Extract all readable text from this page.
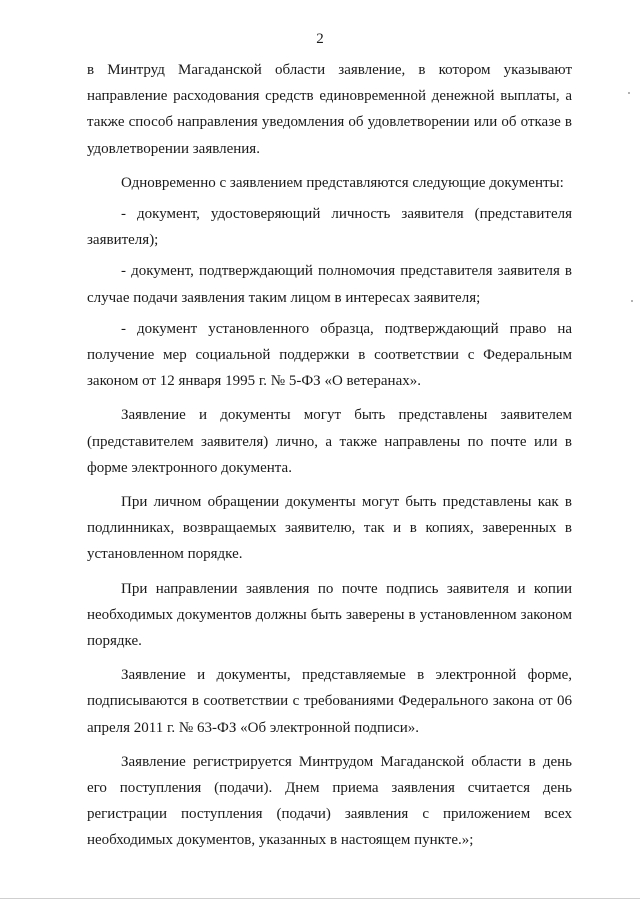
2

в Минтруд Магаданской области заявление, в котором указывают направление расходования средств единовременной денежной выплаты, а также способ направления уведомления об удовлетворении или об отказе в удовлетворении заявления.

Одновременно с заявлением представляются следующие документы:

- документ, удостоверяющий личность заявителя (представителя заявителя);

- документ, подтверждающий полномочия представителя заявителя в случае подачи заявления таким лицом в интересах заявителя;

- документ установленного образца, подтверждающий право на получение мер социальной поддержки в соответствии с Федеральным законом от 12 января 1995 г. № 5-ФЗ «О ветеранах».

Заявление и документы могут быть представлены заявителем (представителем заявителя) лично, а также направлены по почте или в форме электронного документа.

При личном обращении документы могут быть представлены как в подлинниках, возвращаемых заявителю, так и в копиях, заверенных в установленном порядке.

При направлении заявления по почте подпись заявителя и копии необходимых документов должны быть заверены в установленном законом порядке.

Заявление и документы, представляемые в электронной форме, подписываются в соответствии с требованиями Федерального закона от 06 апреля 2011 г. № 63-ФЗ «Об электронной подписи».

Заявление регистрируется Минтрудом Магаданской области в день его поступления (подачи). Днем приема заявления считается день регистрации поступления (подачи) заявления с приложением всех необходимых документов, указанных в настоящем пункте.»;
